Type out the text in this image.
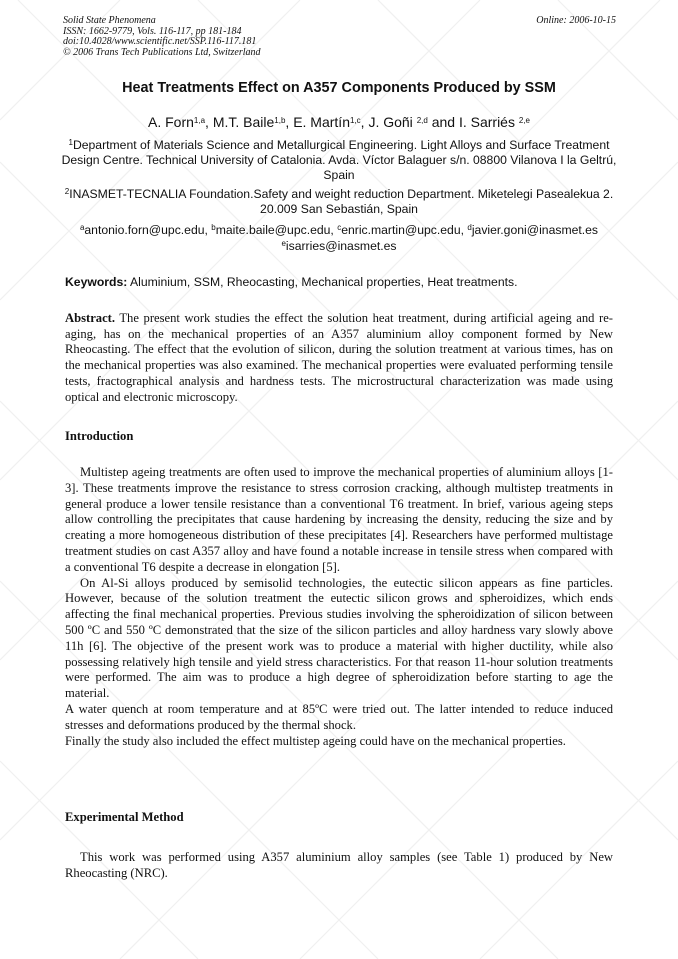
Solid State Phenomena
ISSN: 1662-9779, Vols. 116-117, pp 181-184
doi:10.4028/www.scientific.net/SSP.116-117.181
© 2006 Trans Tech Publications Ltd, Switzerland
Online: 2006-10-15
Heat Treatments Effect on A357 Components Produced by SSM
A. Forn$^{1,a}$, M.T. Baile$^{1,b}$, E. Martín$^{1,c}$, J. Goñi $^{2,d}$ and I. Sarriés $^{2,e}$
$^1$Department of Materials Science and Metallurgical Engineering. Light Alloys and Surface Treatment Design Centre. Technical University of Catalonia. Avda. Víctor Balaguer s/n. 08800 Vilanova I la Geltrú, Spain
$^2$INASMET-TECNALIA Foundation.Safety and weight reduction Department. Miketelegi Pasealekua 2. 20.009 San Sebastián, Spain
$^a$antonio.forn@upc.edu, $^b$maite.baile@upc.edu, $^c$enric.martin@upc.edu, $^d$javier.goni@inasmet.es
$^e$isarries@inasmet.es
Keywords: Aluminium, SSM, Rheocasting, Mechanical properties, Heat treatments.
Abstract. The present work studies the effect the solution heat treatment, during artificial ageing and re-aging, has on the mechanical properties of an A357 aluminium alloy component formed by New Rheocasting. The effect that the evolution of silicon, during the solution treatment at various times, has on the mechanical properties was also examined. The mechanical properties were evaluated performing tensile tests, fractographical analysis and hardness tests. The microstructural characterization was made using optical and electronic microscopy.
Introduction

Multistep ageing treatments are often used to improve the mechanical properties of aluminium alloys [1-3]. These treatments improve the resistance to stress corrosion cracking, although multistep treatments in general produce a lower tensile resistance than a conventional T6 treatment. In brief, various ageing steps allow controlling the precipitates that cause hardening by increasing the density, reducing the size and by creating a more homogeneous distribution of these precipitates [4]. Researchers have performed multistage treatment studies on cast A357 alloy and have found a notable increase in tensile stress when compared with a conventional T6 despite a decrease in elongation [5].

On Al-Si alloys produced by semisolid technologies, the eutectic silicon appears as fine particles. However, because of the solution treatment the eutectic silicon grows and spheroidizes, which ends affecting the final mechanical properties. Previous studies involving the spheroidization of silicon between 500 ºC and 550 ºC demonstrated that the size of the silicon particles and alloy hardness vary slowly above 11h [6]. The objective of the present work was to produce a material with higher ductility, while also possessing relatively high tensile and yield stress characteristics. For that reason 11-hour solution treatments were performed. The aim was to produce a high degree of spheroidization before starting to age the material.

A water quench at room temperature and at 85ºC were tried out. The latter intended to reduce induced stresses and deformations produced by the thermal shock.

Finally the study also included the effect multistep ageing could have on the mechanical properties.

Experimental Method

This work was performed using A357 aluminium alloy samples (see Table 1) produced by New Rheocasting (NRC).
